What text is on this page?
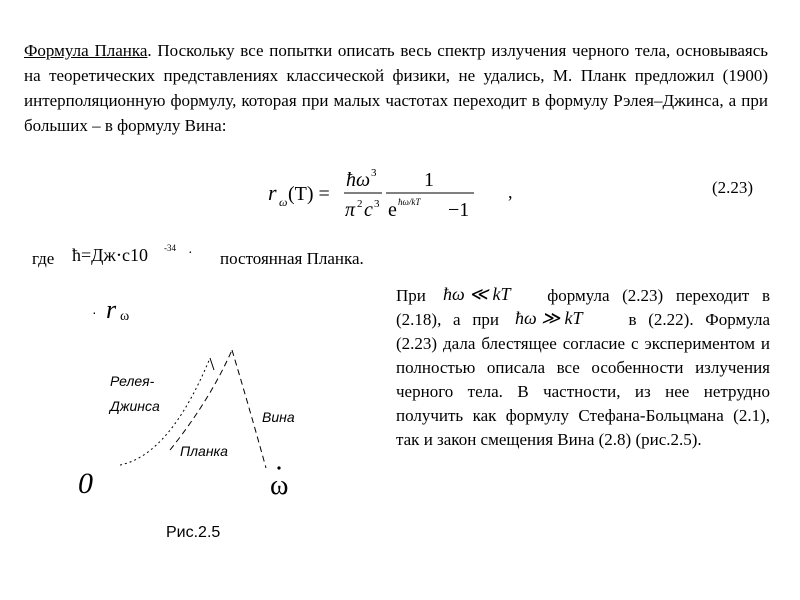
Формула Планка. Поскольку все попытки описать весь спектр излучения черного тела, основываясь на теоретических представлениях классической физики, не удались, М. Планк предложил (1900) интерполяционную формулу, которая при малых частотах переходит в формулу Рэлея–Джинса, а при больших – в формулу Вина:
r ω (T) =
ħω 3
π 2 c 3
1
e ħω/kT −1
,	(2.23)
где ħ=Дж⋅с10 -34 · постоянная Планка.
При ħω ≪ kT формула (2.23) переходит в (2.18), а при ħω ≫ kT	в (2.22). Формула (2.23) дала блестящее согласие с экспериментом и полностью описала все особенности излучения черного тела. В частности, из нее нетрудно получить как формулу Стефана-Больцмана (2.1), так и закон смещения Вина (2.8) (рис.2.5).
· r ω
0	ω
Релея-
Джинса
Вина
Планка
Рис.2.5
